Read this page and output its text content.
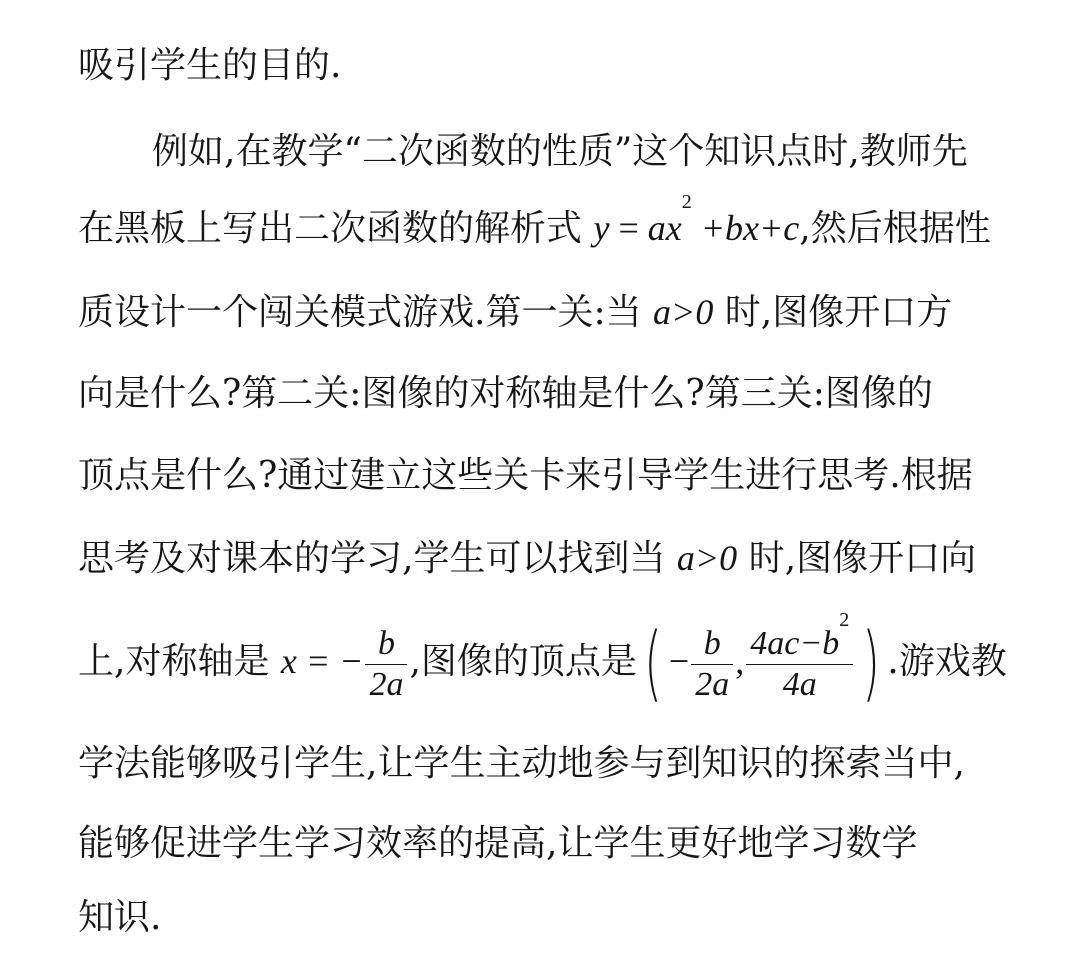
吸引学生的目的.
例如,在教学“二次函数的性质”这个知识点时,教师先
在黑板上写出二次函数的解析式 $y = ax^2 +bx+c$,然后根据性
质设计一个闯关模式游戏.第一关:当 a>0 时,图像开口方
向是什么?第二关:图像的对称轴是什么?第三关:图像的
顶点是什么?通过建立这些关卡来引导学生进行思考.根据
思考及对课本的学习,学生可以找到当 a>0 时,图像开口向
上,对称轴是 x = − $\frac{b}{2a}$ ,图像的顶点是( − $\frac{b}{2a}$ , $\frac{4ac-b^2}{4a}$ ) .游戏教
学法能够吸引学生,让学生主动地参与到知识的探索当中,
能够促进学生学习效率的提高,让学生更好地学习数学
知识.
